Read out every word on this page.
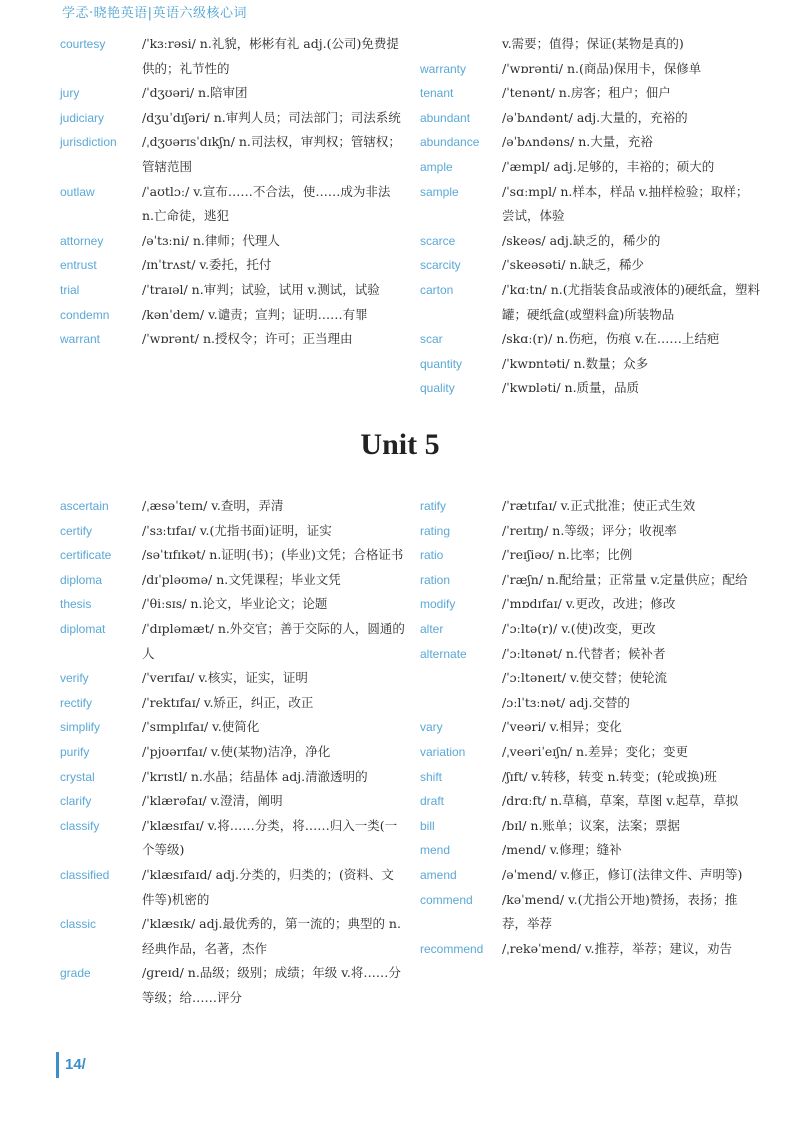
学孞·晓艳英语|英语六级核心词
courtesy	/ˈkɜːrəsi/ n.礼貌，彬彬有礼 adj.(公司)免费提供的；礼节性的
jury	/ˈdʒʊəri/ n.陪审团
judiciary	/dʒuˈdɪʃəri/ n.审判人员；司法部门；司法系统
jurisdiction	/ˌdʒʊərɪsˈdɪkʃn/ n.司法权，审判权；管辖权；管辖范围
outlaw	/ˈaʊtlɔː/ v.宣布……不合法，使……成为非法 n.亡命徒，逃犯
attorney	/əˈtɜːni/ n.律师；代理人
entrust	/ɪnˈtrʌst/ v.委托，托付
trial	/ˈtraɪəl/ n.审判；试验，试用 v.测试，试验
condemn	/kənˈdem/ v.谴责；宣判；证明……有罪
warrant	/ˈwɒrənt/ n.授权令；许可；正当理由
v.需要；值得；保证(某物是真的)
warranty	/ˈwɒrənti/ n.(商品)保用卡，保修单
tenant	/ˈtenənt/ n.房客；租户；佃户
abundant	/əˈbʌndənt/ adj.大量的，充裕的
abundance	/əˈbʌndəns/ n.大量，充裕
ample	/ˈæmpl/ adj.足够的，丰裕的；硕大的
sample	/ˈsɑːmpl/ n.样本，样品 v.抽样检验；取样；尝试，体验
scarce	/skeəs/ adj.缺乏的，稀少的
scarcity	/ˈskeəsəti/ n.缺乏，稀少
carton	/ˈkɑːtn/ n.(尤指装食品或液体的)硬纸盒，塑料罐；硬纸盒(或塑料盒)所装物品
scar	/skɑː(r)/ n.伤疤，伤痕 v.在……上结疤
quantity	/ˈkwɒntəti/ n.数量；众多
quality	/ˈkwɒləti/ n.质量，品质
Unit 5
ascertain	/ˌæsəˈteɪn/ v.查明，弄清
certify	/ˈsɜːtɪfaɪ/ v.(尤指书面)证明，证实
certificate	/səˈtɪfɪkət/ n.证明(书)；(毕业)文凭；合格证书
diploma	/dɪˈpləʊmə/ n.文凭课程；毕业文凭
thesis	/ˈθiːsɪs/ n.论文，毕业论文；论题
diplomat	/ˈdɪpləmæt/ n.外交官；善于交际的人，圆通的人
verify	/ˈverɪfaɪ/ v.核实，证实，证明
rectify	/ˈrektɪfaɪ/ v.矫正，纠正，改正
simplify	/ˈsɪmplɪfaɪ/ v.使简化
purify	/ˈpjʊərɪfaɪ/ v.使(某物)洁净，净化
crystal	/ˈkrɪstl/ n.水晶；结晶体 adj.清澈透明的
clarify	/ˈklærəfaɪ/ v.澄清，阐明
classify	/ˈklæsɪfaɪ/ v.将……分类，将……归入一类(一个等级)
classified	/ˈklæsɪfaɪd/ adj.分类的，归类的；(资料、文件等)机密的
classic	/ˈklæsɪk/ adj.最优秀的，第一流的；典型的 n.经典作品，名著，杰作
grade	/ɡreɪd/ n.品级；级别；成绩；年级 v.将……分等级；给……评分
ratify	/ˈrætɪfaɪ/ v.正式批准；使正式生效
rating	/ˈreɪtɪŋ/ n.等级；评分；收视率
ratio	/ˈreɪʃiəʊ/ n.比率；比例
ration	/ˈræʃn/ n.配给量；正常量 v.定量供应；配给
modify	/ˈmɒdɪfaɪ/ v.更改，改进；修改
alter	/ˈɔːltə(r)/ v.(使)改变，更改
alternate	/ˈɔːltənət/ n.代替者；候补者
/ˈɔːltəneɪt/ v.使交替；使轮流
/ɔːlˈtɜːnət/ adj.交替的
vary	/ˈveəri/ v.相异；变化
variation	/ˌveəriˈeɪʃn/ n.差异；变化；变更
shift	/ʃɪft/ v.转移，转变 n.转变；(轮或换)班
draft	/drɑːft/ n.草稿，草案，草图 v.起草，草拟
bill	/bɪl/ n.账单；议案，法案；票据
mend	/mend/ v.修理；缝补
amend	/əˈmend/ v.修正，修订(法律文件、声明等)
commend	/kəˈmend/ v.(尤指公开地)赞扬，表扬；推荐，举荐
recommend	/ˌrekəˈmend/ v.推荐，举荐；建议，劝告
14/
